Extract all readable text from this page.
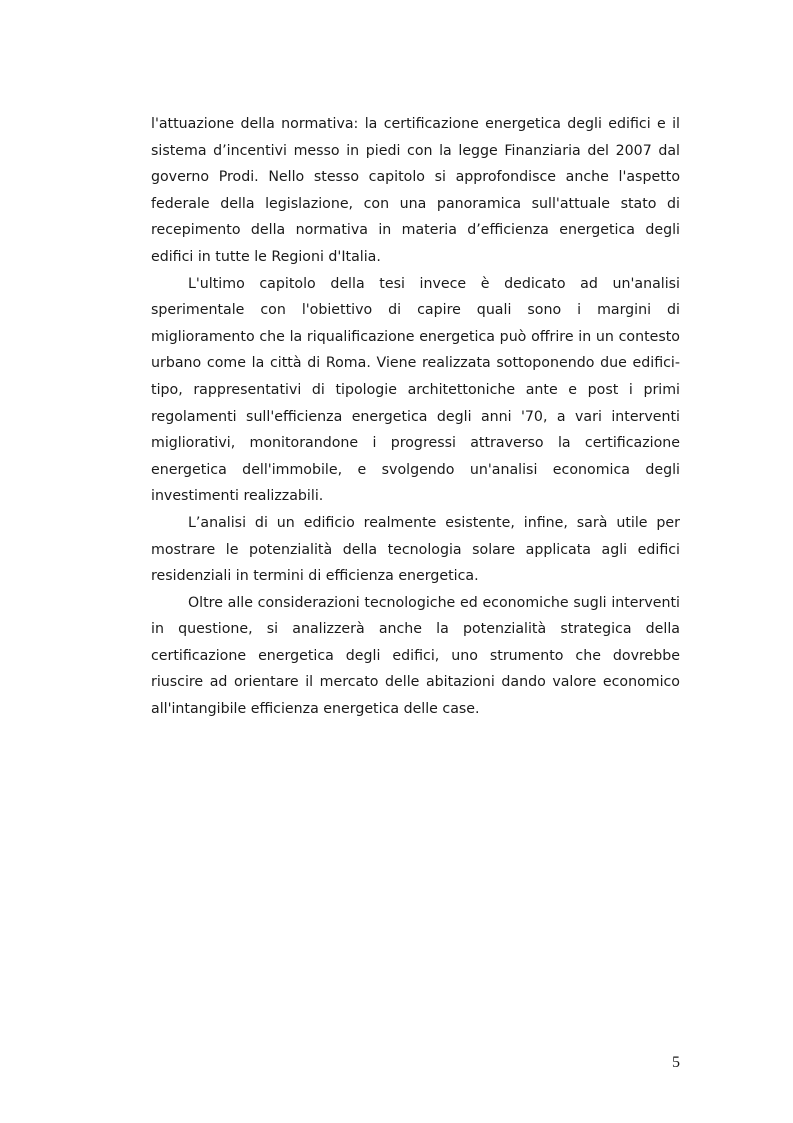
l'attuazione della normativa: la certificazione energetica degli edifici e il sistema d’incentivi messo in piedi con la legge Finanziaria del 2007 dal governo Prodi. Nello stesso capitolo si approfondisce anche l'aspetto federale della legislazione, con una panoramica sull'attuale stato di recepimento della normativa in materia d’efficienza energetica degli edifici in tutte le Regioni d'Italia.

L'ultimo capitolo della tesi invece è dedicato ad un'analisi sperimentale con l'obiettivo di capire quali sono i margini di miglioramento che la riqualificazione energetica può offrire in un contesto urbano come la città di Roma. Viene realizzata sottoponendo due edifici-tipo, rappresentativi di tipologie architettoniche ante e post i primi regolamenti sull'efficienza energetica degli anni '70, a vari interventi migliorativi, monitorandone i progressi attraverso la certificazione energetica dell'immobile, e svolgendo un'analisi economica degli investimenti realizzabili.

L’analisi di un edificio realmente esistente, infine, sarà utile per mostrare le potenzialità della tecnologia solare applicata agli edifici residenziali in termini di efficienza energetica.

Oltre alle considerazioni tecnologiche ed economiche sugli interventi in questione, si analizzerà anche la potenzialità strategica della certificazione energetica degli edifici, uno strumento che dovrebbe riuscire ad orientare il mercato delle abitazioni dando valore economico all'intangibile efficienza energetica delle case.

5
